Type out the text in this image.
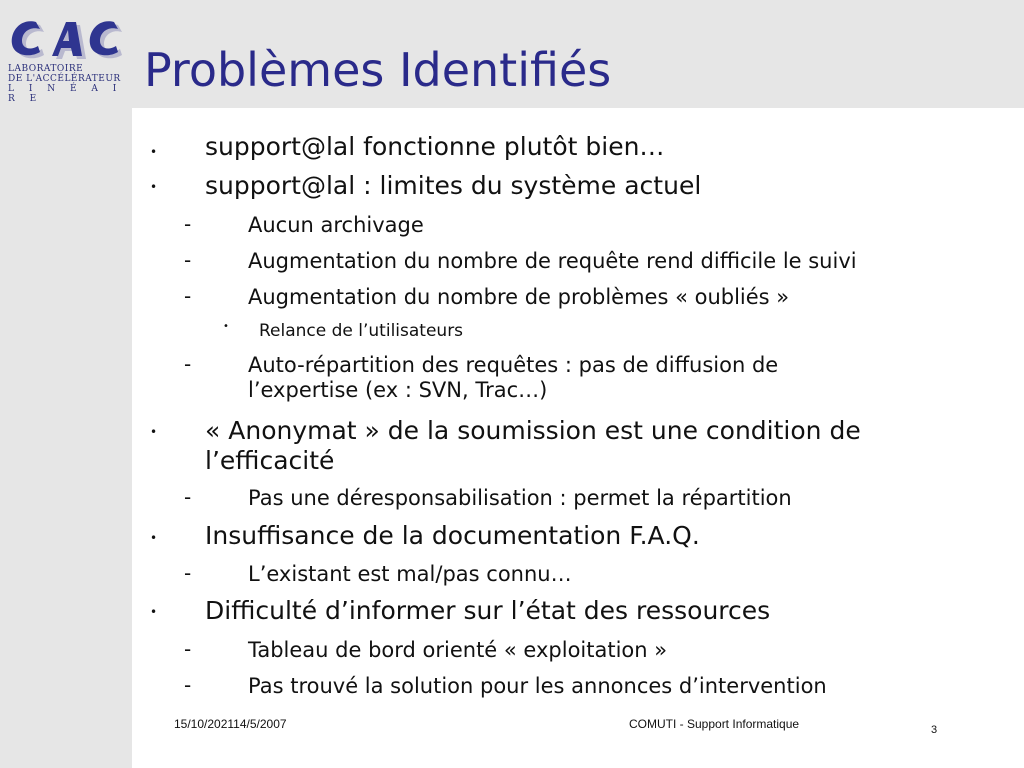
LABORATOIRE
DE L'ACCÉLÉRATEUR
L I N É A I R E
Problèmes Identifiés
• support@lal fonctionne plutôt bien…
• support@lal : limites du système actuel
-	Aucun archivage
-	Augmentation du nombre de requête rend difficile le suivi
-	Augmentation du nombre de problèmes « oubliés »
• Relance de l’utilisateurs
-	Auto-répartition des requêtes : pas de diffusion de l’expertise (ex : SVN, Trac…)
• « Anonymat » de la soumission est une condition de l’efficacité
-	Pas une déresponsabilisation : permet la répartition
• Insuffisance de la documentation F.A.Q.
-	L’existant est mal/pas connu…
• Difficulté d’informer sur l’état des ressources
-	Tableau de bord orienté « exploitation »
-	Pas trouvé la solution pour les annonces d’intervention
15/10/202114/5/2007	COMUTI - Support Informatique	3
